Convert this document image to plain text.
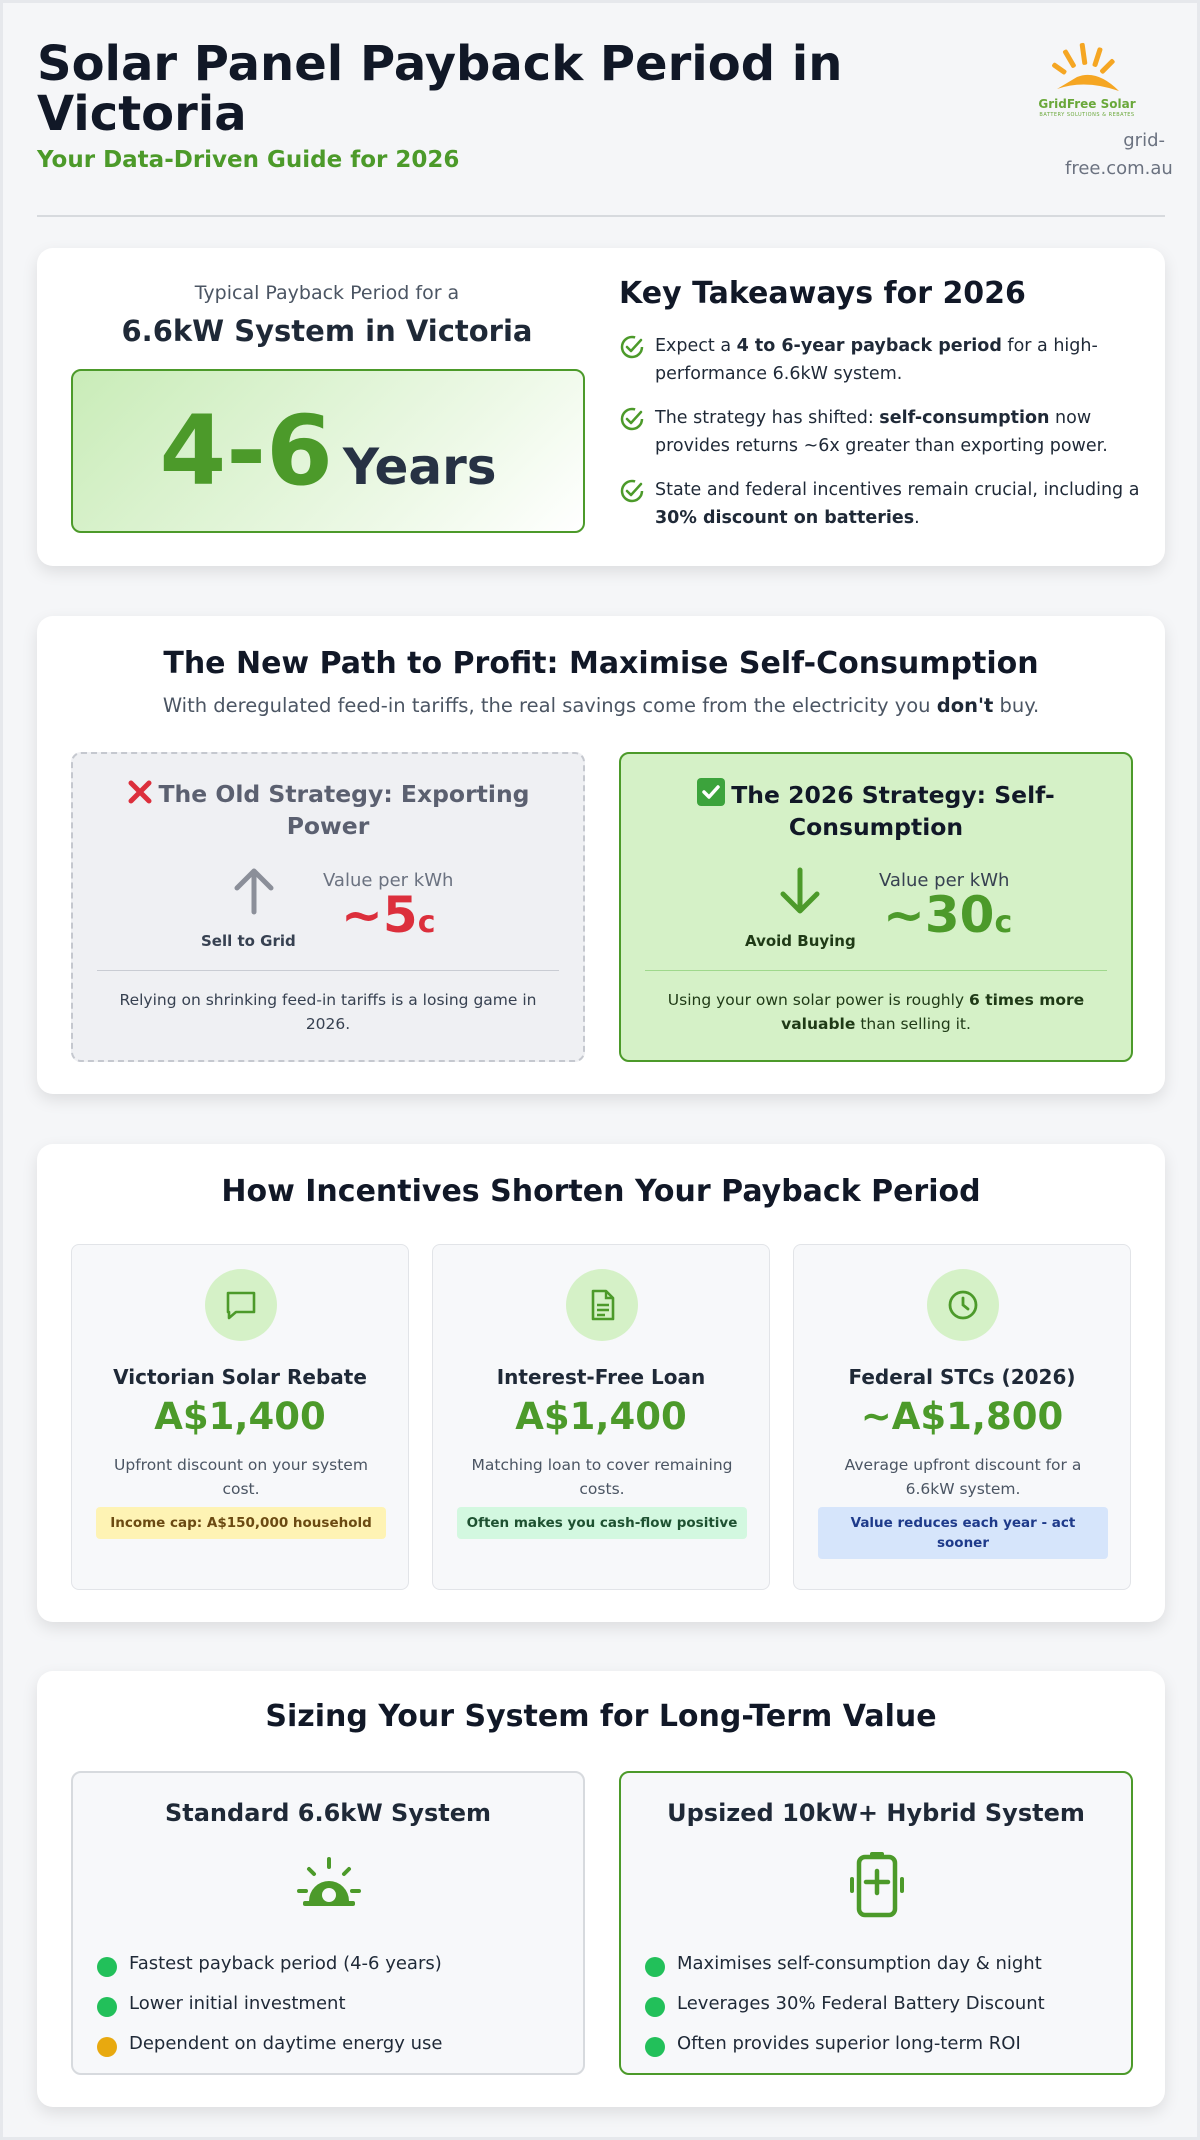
Solar Panel Payback Period in Victoria
Your Data-Driven Guide for 2026
GridFree Solar
BATTERY SOLUTIONS & REBATES
grid-free.com.au
Typical Payback Period for a
6.6kW System in Victoria
4-6 Years
Key Takeaways for 2026
Expect a 4 to 6-year payback period for a high-performance 6.6kW system.
The strategy has shifted: self-consumption now provides returns ~6x greater than exporting power.
State and federal incentives remain crucial, including a 30% discount on batteries.
The New Path to Profit: Maximise Self-Consumption
With deregulated feed-in tariffs, the real savings come from the electricity you don't buy.
The Old Strategy: Exporting Power
Sell to Grid
Value per kWh
~5c
Relying on shrinking feed-in tariffs is a losing game in 2026.
The 2026 Strategy: Self-Consumption
Avoid Buying
Value per kWh
~30c
Using your own solar power is roughly 6 times more valuable than selling it.
How Incentives Shorten Your Payback Period
Victorian Solar Rebate
A$1,400
Upfront discount on your system cost.
Income cap: A$150,000 household
Interest-Free Loan
A$1,400
Matching loan to cover remaining costs.
Often makes you cash-flow positive
Federal STCs (2026)
~A$1,800
Average upfront discount for a 6.6kW system.
Value reduces each year - act sooner
Sizing Your System for Long-Term Value
Standard 6.6kW System
Fastest payback period (4-6 years)
Lower initial investment
Dependent on daytime energy use
Upsized 10kW+ Hybrid System
Maximises self-consumption day & night
Leverages 30% Federal Battery Discount
Often provides superior long-term ROI
